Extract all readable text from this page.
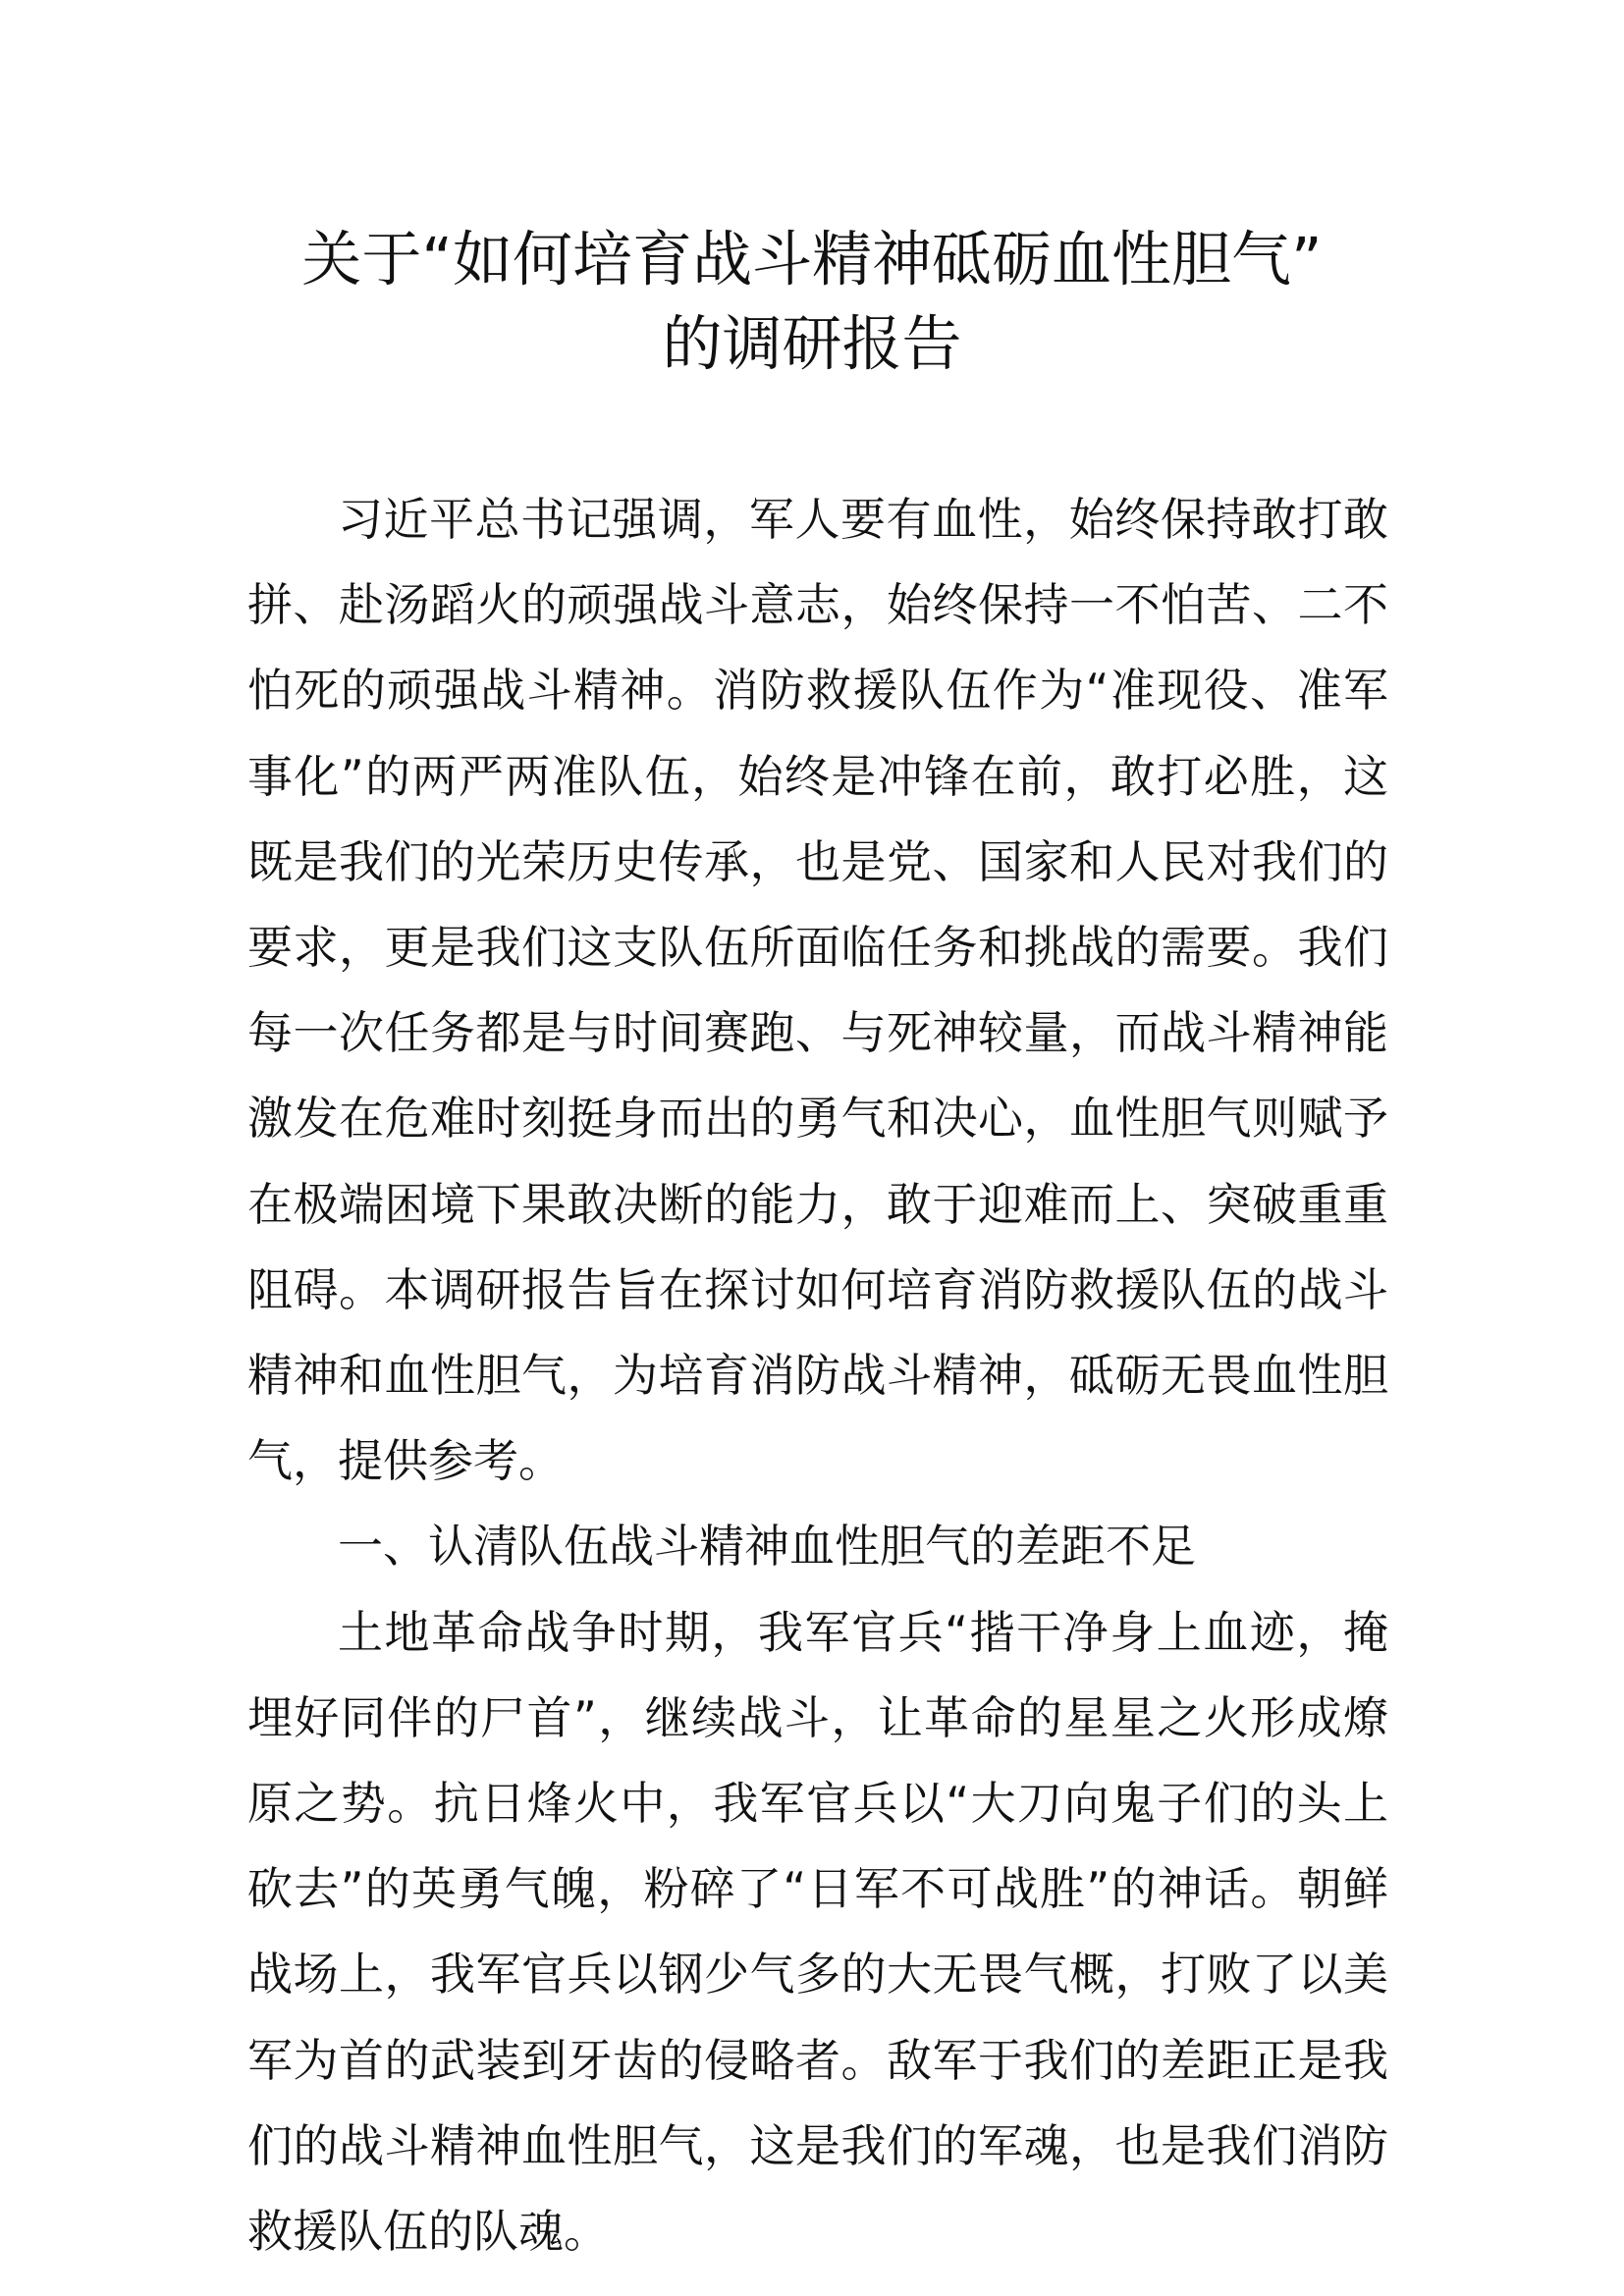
关于“如何培育战斗精神砥砺血性胆气”
的调研报告

习近平总书记强调，军人要有血性，始终保持敢打敢拼、赴汤蹈火的顽强战斗意志，始终保持一不怕苦、二不怕死的顽强战斗精神。消防救援队伍作为“准现役、准军事化”的两严两准队伍，始终是冲锋在前，敢打必胜，这既是我们的光荣历史传承，也是党、国家和人民对我们的要求，更是我们这支队伍所面临任务和挑战的需要。我们每一次任务都是与时间赛跑、与死神较量，而战斗精神能激发在危难时刻挺身而出的勇气和决心，血性胆气则赋予在极端困境下果敢决断的能力，敢于迎难而上、突破重重阻碍。本调研报告旨在探讨如何培育消防救援队伍的战斗精神和血性胆气，为培育消防战斗精神，砥砺无畏血性胆气，提供参考。

一、认清队伍战斗精神血性胆气的差距不足

土地革命战争时期，我军官兵“揩干净身上血迹，掩埋好同伴的尸首”，继续战斗，让革命的星星之火形成燎原之势。抗日烽火中，我军官兵以“大刀向鬼子们的头上砍去”的英勇气魄，粉碎了“日军不可战胜”的神话。朝鲜战场上，我军官兵以钢少气多的大无畏气概，打败了以美军为首的武装到牙齿的侵略者。敌军于我们的差距正是我们的战斗精神血性胆气，这是我们的军魂，也是我们消防救援队伍的队魂。
